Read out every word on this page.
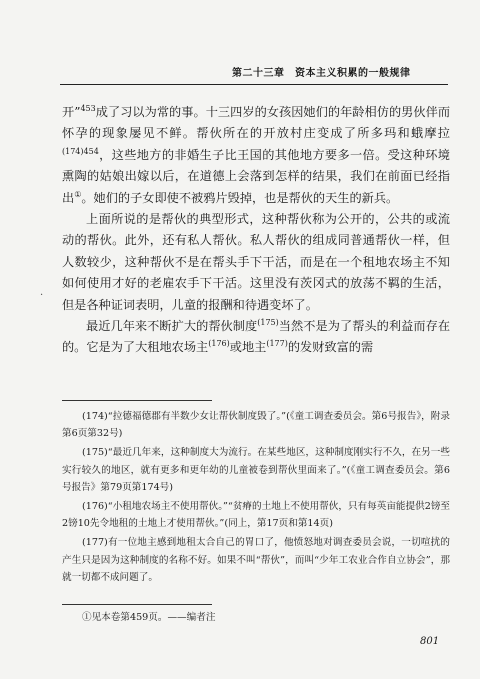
第二十三章　资本主义积累的一般规律
·

开”$^{453}$成了习以为常的事。十三四岁的女孩因她们的年龄相仿的男伙伴而怀孕的现象屡见不鲜。帮伙所在的开放村庄变成了所多玛和蛾摩拉$^{(174)454}$，这些地方的非婚生子比王国的其他地方要多一倍。受这种环境熏陶的姑娘出嫁以后，在道德上会落到怎样的结果，我们在前面已经指出①。她们的子女即使不被鸦片毁掉，也是帮伙的天生的新兵。

上面所说的是帮伙的典型形式，这种帮伙称为公开的，公共的或流动的帮伙。此外，还有私人帮伙。私人帮伙的组成同普通帮伙一样，但人数较少，这种帮伙不是在帮头手下干活，而是在一个租地农场主不知如何使用才好的老雇农手下干活。这里没有茨冈式的放荡不羁的生活，但是各种证词表明，儿童的报酬和待遇变坏了。

最近几年来不断扩大的帮伙制度$^{(175)}$当然不是为了帮头的利益而存在的。它是为了大租地农场主$^{(176)}$或地主$^{(177)}$的发财致富的需

(174)“拉德福德郡有半数少女让帮伙制度毁了。”(《童工调查委员会。第6号报告》，附录第6页第32号)

(175)“最近几年来，这种制度大为流行。在某些地区，这种制度刚实行不久，在另一些实行较久的地区，就有更多和更年幼的儿童被卷到帮伙里面来了。”(《童工调查委员会。第6号报告》第79页第174号)

(176)“小租地农场主不使用帮伙。”“贫瘠的土地上不使用帮伙，只有每英亩能提供2镑至2镑10先令地租的土地上才使用帮伙。”(同上，第17页和第14页)

(177)有一位地主感到地租太合自己的胃口了，他愤怒地对调查委员会说，一切喧扰的产生只是因为这种制度的名称不好。如果不叫“帮伙”，而叫“少年工农业合作自立协会”，那就一切都不成问题了。

①见本卷第459页。——编者注
801
